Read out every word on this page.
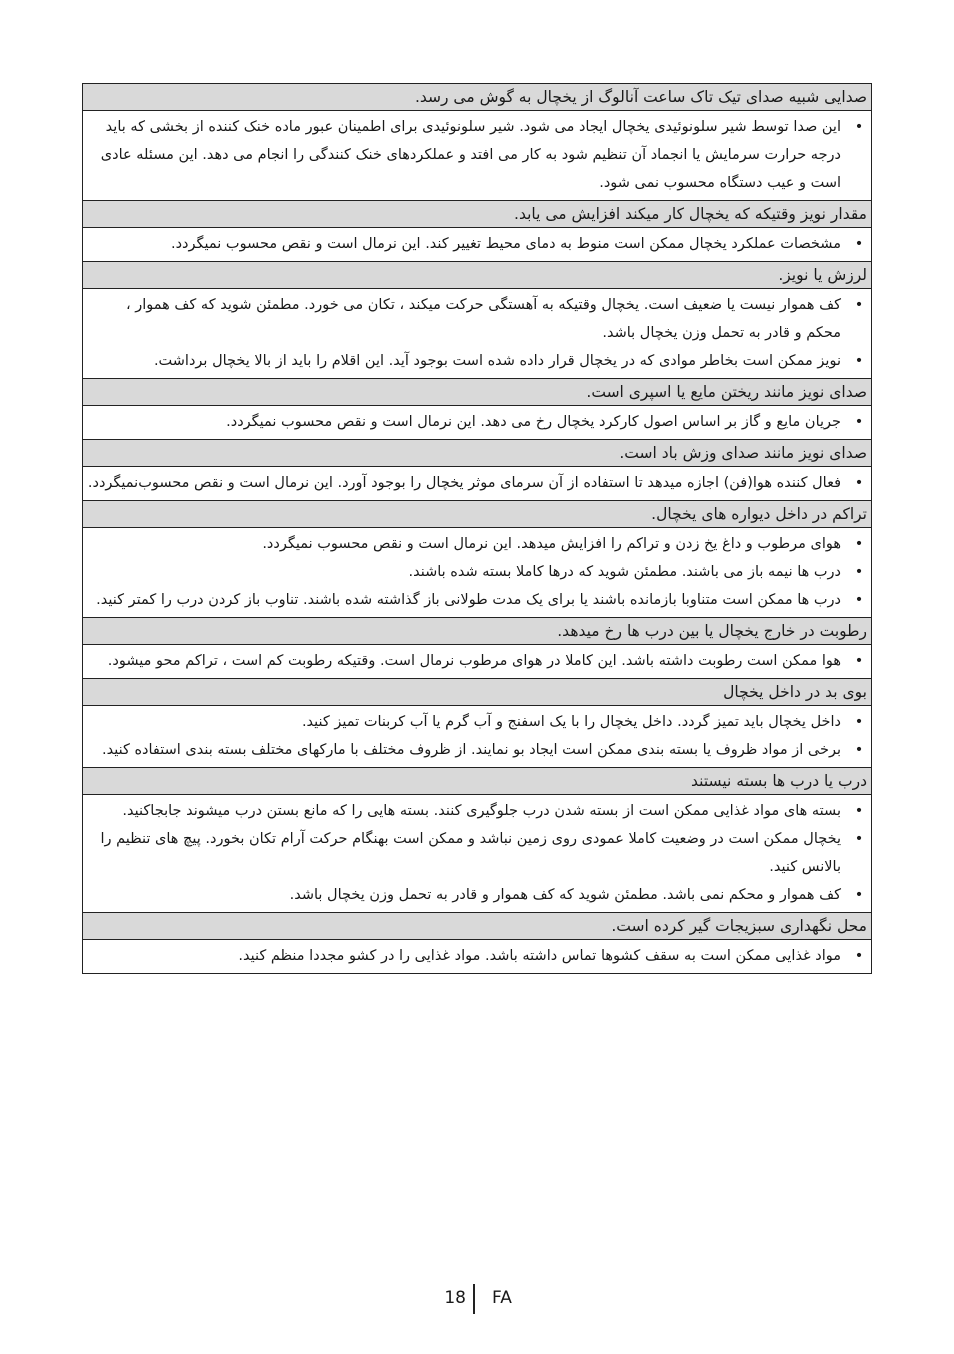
صدایی شبیه صدای تیک تاک ساعت آنالوگ از یخچال به گوش می رسد.
•
این صدا توسط شیر سلونوئیدی یخچال ایجاد می شود. شیر سلونوئیدی برای اطمینان عبور ماده خنک کننده از بخشی که باید درجه حرارت سرمایش یا انجماد آن تنظیم شود به کار می افتد و عملکردهای خنک کنندگی را انجام می دهد. این مسئله عادی است و عیب دستگاه محسوب نمی شود.
مقدار نویز وقتیکه که یخچال کار میکند افزایش می یابد.
•
مشخصات عملکرد یخچال ممکن است منوط به دمای محیط تغییر کند. این نرمال است و نقص محسوب نمیگردد.
لرزش یا نویز.
•
کف هموار نیست یا ضعیف است. یخچال وقتیکه به آهستگی حرکت میکند ، تکان می خورد. مطمئن شوید که کف هموار ، محکم و قادر به تحمل وزن یخچال باشد.
•
نویز ممکن است بخاطر موادی که در یخچال قرار داده شده است بوجود آید. این اقلام را باید از بالا یخچال برداشت.
صدای نویز مانند ریختن مایع یا اسپری است.
•
جریان مایع و گاز بر اساس اصول کارکرد یخچال رخ می دهد. این نرمال است و نقص محسوب نمیگردد.
صدای نویز مانند صدای وزش باد است.
•
فعال کننده هوا(فن) اجازه میدهد تا استفاده از آن سرمای موثر یخچال را بوجود آورد. این نرمال است و نقص محسوب‌نمیگردد.
تراکم در داخل دیواره های یخچال.
•
هوای مرطوب و داغ یخ زدن و تراکم را افزایش میدهد. این نرمال است و نقص محسوب نمیگردد.
•
درب ها نیمه باز می باشند. مطمئن شوید که درها کاملا بسته شده باشند.
•
درب ها ممکن است متناوبا بازمانده باشند یا برای یک مدت طولانی باز گذاشته شده باشند. تناوب باز کردن درب را کمتر کنید.
رطوبت در خارج یخچال یا بین درب ها رخ میدهد.
•
هوا ممکن است رطوبت داشته باشد. این کاملا در هوای مرطوب نرمال است. وقتیکه رطوبت کم است ، تراکم محو میشود.
بوی بد در داخل یخچال
•
داخل یخچال باید تمیز گردد. داخل یخچال را با یک اسفنج و آب گرم یا آب کربنات تمیز کنید.
•
برخی از مواد ظروف یا بسته بندی ممکن است ایجاد بو نمایند. از ظروف مختلف با مارکهای مختلف بسته بندی استفاده کنید.
درب یا درب ها بسته نیستند
•
بسته های مواد غذایی ممکن است از بسته شدن درب جلوگیری کنند. بسته هایی را که مانع بستن درب میشوند جابجاکنید.
•
یخچال ممکن است در وضعیت کاملا عمودی روی زمین نباشد و ممکن است بهنگام حرکت آرام تکان بخورد. پیچ های تنظیم را بالانس کنید.
•
کف هموار و محکم نمی باشد. مطمئن شوید که کف هموار و قادر به تحمل وزن یخچال باشد.
محل نگهداری سبزیجات گیر کرده است.
•
مواد غذایی ممکن است به سقف کشوها تماس داشته باشد. مواد غذایی را در کشو مجددا منظم کنید.
18 FA
